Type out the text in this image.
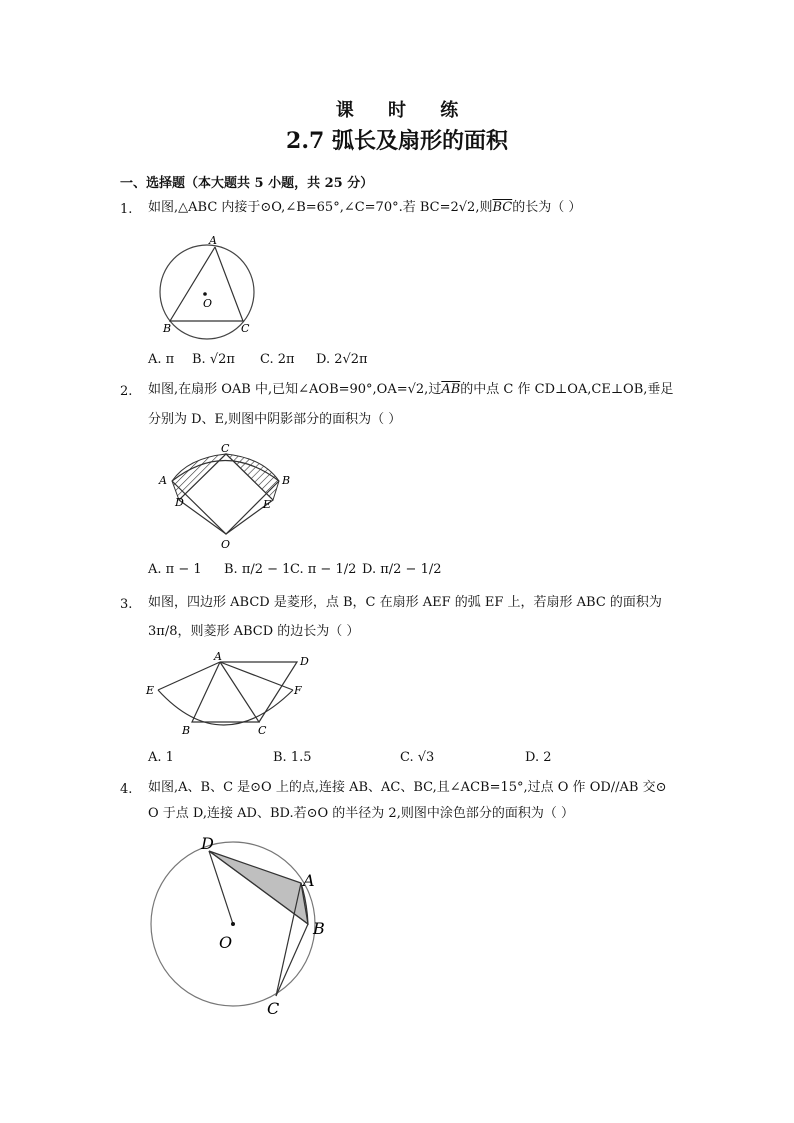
课 时 练
2.7 弧长及扇形的面积
一、选择题（本大题共 5 小题，共 25 分）
1. 如图,△ABC 内接于⊙O,∠B=65°,∠C=70°.若 BC=2√2,则$\overline{BC}$的长为（ ）
A
B	C
O
A. π B. √2π C. 2π D. 2√2π
2. 如图,在扇形 OAB 中,已知∠AOB=90°,OA=√2,过$\overline{AB}$的中点 C 作 CD⊥OA,CE⊥OB,垂足
分别为 D、E,则图中阴影部分的面积为（ ）
A	B
C
D	E
O
A. π − 1 B. π/2 − 1 C. π − 1/2 D. π/2 − 1/2
3. 如图，四边形 ABCD 是菱形，点 B，C 在扇形 AEF 的弧 EF 上，若扇形 ABC 的面积为
3π/8，则菱形 ABCD 的边长为（ ）
A
B	C
D
E	F
A. 1	B. 1.5	C. √3	D. 2
4. 如图,A、B、C 是⊙O 上的点,连接 AB、AC、BC,且∠ACB=15°,过点 O 作 OD//AB 交⊙
O 于点 D,连接 AD、BD.若⊙O 的半径为 2,则图中涂色部分的面积为（ ）
D
A
B
C
O
